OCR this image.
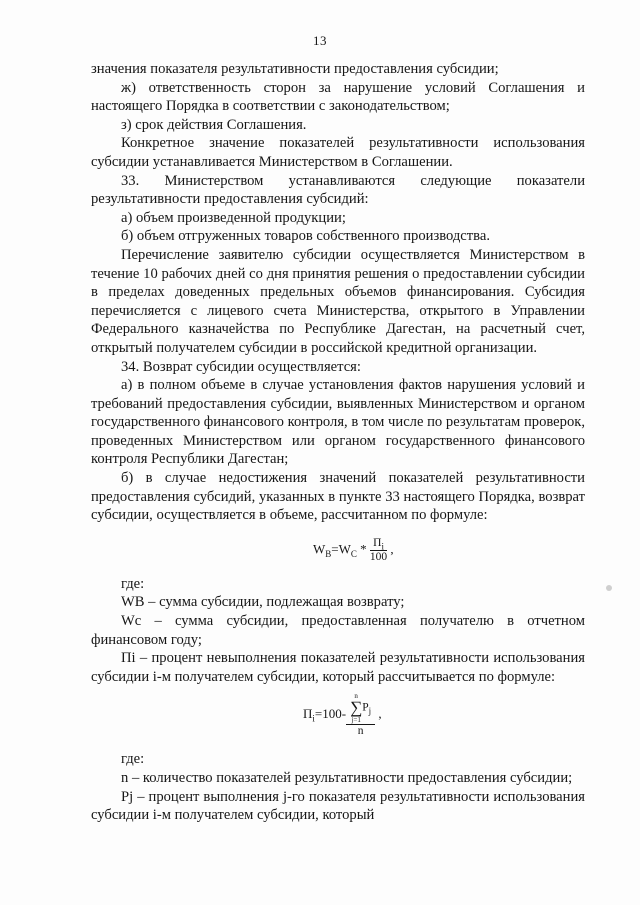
13

значения показателя результативности предоставления субсидии;

ж) ответственность сторон за нарушение условий Соглашения и настоящего Порядка в соответствии с законодательством;

з) срок действия Соглашения.

Конкретное значение показателей результативности использования субсидии устанавливается Министерством в Соглашении.

33. Министерством устанавливаются следующие показатели результативности предоставления субсидий:

а) объем произведенной продукции;

б) объем отгруженных товаров собственного производства.

Перечисление заявителю субсидии осуществляется Министерством в течение 10 рабочих дней со дня принятия решения о предоставлении субсидии в пределах доведенных предельных объемов финансирования. Субсидия перечисляется с лицевого счета Министерства, открытого в Управлении Федерального казначейства по Республике Дагестан, на расчетный счет, открытый получателем субсидии в российской кредитной организации.

34. Возврат субсидии осуществляется:

а) в полном объеме в случае установления фактов нарушения условий и требований предоставления субсидии, выявленных Министерством и органом государственного финансового контроля, в том числе по результатам проверок, проведенных Министерством или органом государственного финансового контроля Республики Дагестан;

б) в случае недостижения значений показателей результативности предоставления субсидий, указанных в пункте 33 настоящего Порядка, возврат субсидии, осуществляется в объеме, рассчитанном по формуле:

$W_В=W_C * \frac{П_i}{100}$ ,

где:

WВ – сумма субсидии, подлежащая возврату;

Wс – сумма субсидии, предоставленная получателю в отчетном финансовом году;

Пi – процент невыполнения показателей результативности использования субсидии i-м получателем субсидии, который рассчитывается по формуле:

$П_i=100-$ n
∑
j=1
$P_j$
n ,

где:

n – количество показателей результативности предоставления субсидии;

Pj – процент выполнения j-го показателя результативности использования субсидии i-м получателем субсидии, который
